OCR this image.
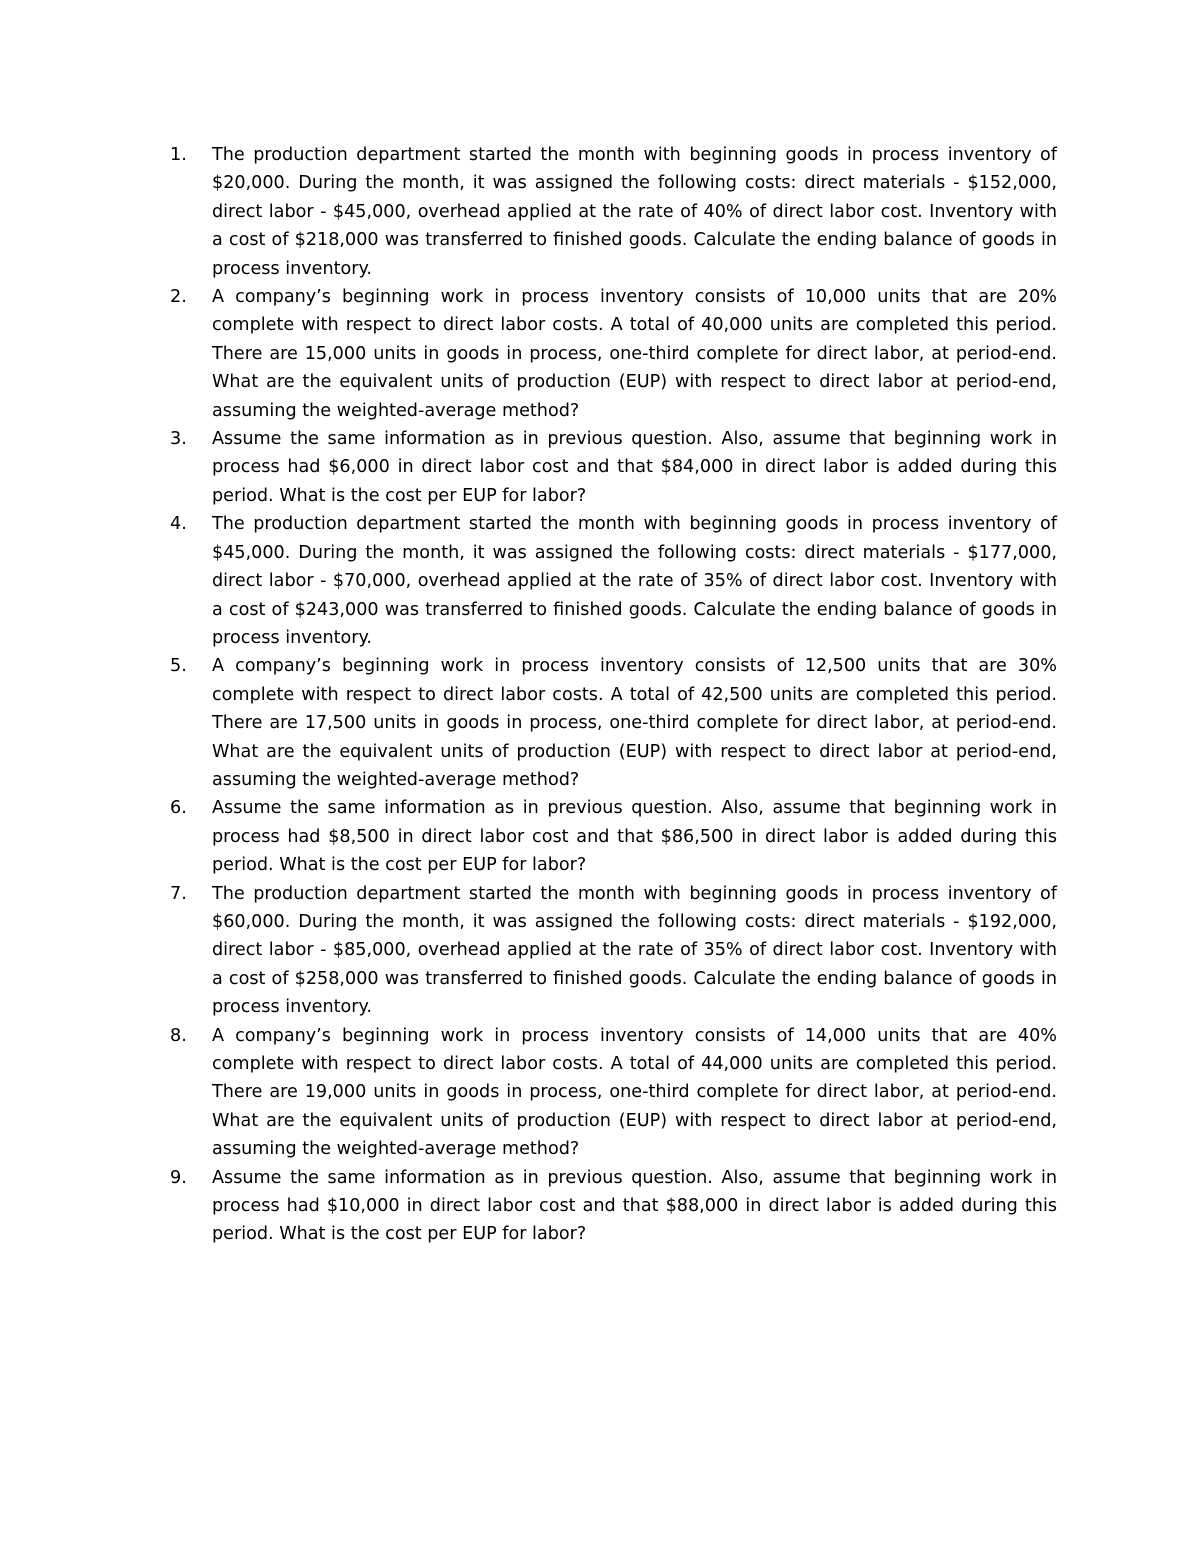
1.	The production department started the month with beginning goods in process inventory of $20,000. During the month, it was assigned the following costs: direct materials - $152,000, direct labor - $45,000, overhead applied at the rate of 40% of direct labor cost. Inventory with a cost of $218,000 was transferred to finished goods. Calculate the ending balance of goods in process inventory.
2.	A company’s beginning work in process inventory consists of 10,000 units that are 20% complete with respect to direct labor costs. A total of 40,000 units are completed this period. There are 15,000 units in goods in process, one-third complete for direct labor, at period-end. What are the equivalent units of production (EUP) with respect to direct labor at period-end, assuming the weighted-average method?
3.	Assume the same information as in previous question. Also, assume that beginning work in process had $6,000 in direct labor cost and that $84,000 in direct labor is added during this period. What is the cost per EUP for labor?
4.	The production department started the month with beginning goods in process inventory of $45,000. During the month, it was assigned the following costs: direct materials - $177,000, direct labor - $70,000, overhead applied at the rate of 35% of direct labor cost. Inventory with a cost of $243,000 was transferred to finished goods. Calculate the ending balance of goods in process inventory.
5.	A company’s beginning work in process inventory consists of 12,500 units that are 30% complete with respect to direct labor costs. A total of 42,500 units are completed this period. There are 17,500 units in goods in process, one-third complete for direct labor, at period-end. What are the equivalent units of production (EUP) with respect to direct labor at period-end, assuming the weighted-average method?
6.	Assume the same information as in previous question. Also, assume that beginning work in process had $8,500 in direct labor cost and that $86,500 in direct labor is added during this period. What is the cost per EUP for labor?
7.	The production department started the month with beginning goods in process inventory of $60,000. During the month, it was assigned the following costs: direct materials - $192,000, direct labor - $85,000, overhead applied at the rate of 35% of direct labor cost. Inventory with a cost of $258,000 was transferred to finished goods. Calculate the ending balance of goods in process inventory.
8.	A company’s beginning work in process inventory consists of 14,000 units that are 40% complete with respect to direct labor costs. A total of 44,000 units are completed this period. There are 19,000 units in goods in process, one-third complete for direct labor, at period-end. What are the equivalent units of production (EUP) with respect to direct labor at period-end, assuming the weighted-average method?
9.	Assume the same information as in previous question. Also, assume that beginning work in process had $10,000 in direct labor cost and that $88,000 in direct labor is added during this period. What is the cost per EUP for labor?
